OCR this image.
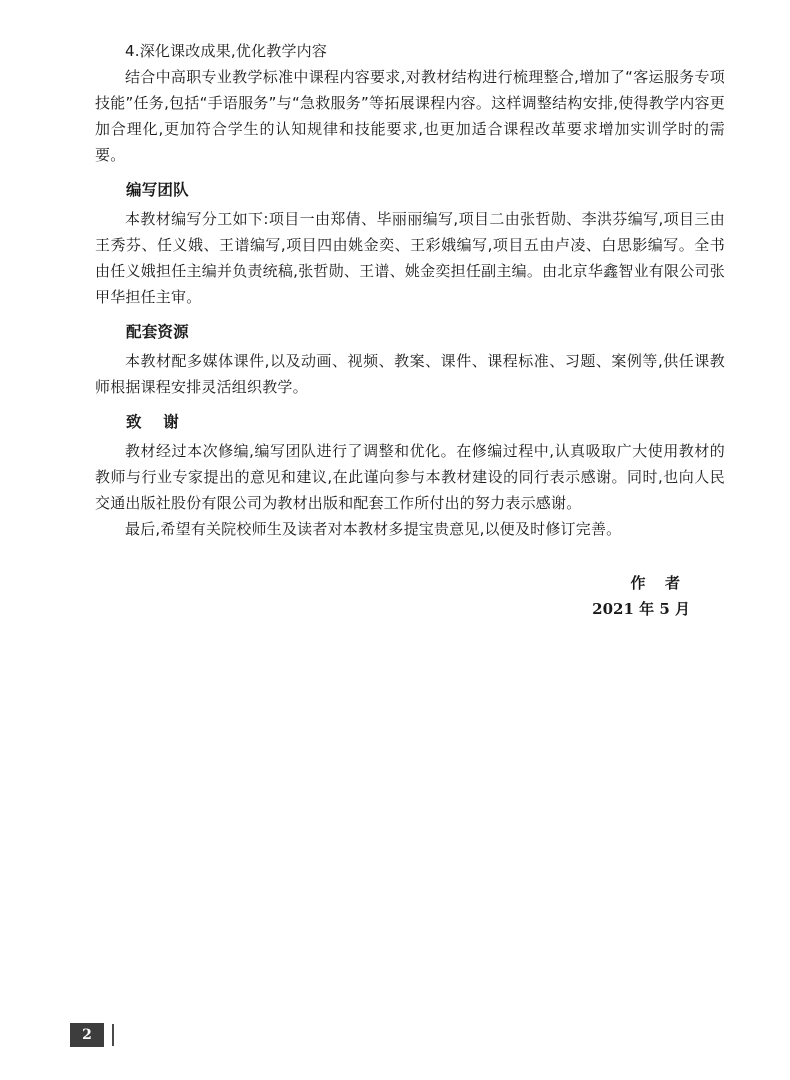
4.深化课改成果,优化教学内容

结合中高职专业教学标准中课程内容要求,对教材结构进行梳理整合,增加了“客运服务专项技能”任务,包括“手语服务”与“急救服务”等拓展课程内容。这样调整结构安排,使得教学内容更加合理化,更加符合学生的认知规律和技能要求,也更加适合课程改革要求增加实训学时的需要。

编写团队

本教材编写分工如下:项目一由郑倩、毕丽丽编写,项目二由张哲勋、李洪芬编写,项目三由王秀芬、任义娥、王谱编写,项目四由姚金奕、王彩娥编写,项目五由卢凌、白思影编写。全书由任义娥担任主编并负责统稿,张哲勋、王谱、姚金奕担任副主编。由北京华鑫智业有限公司张甲华担任主审。

配套资源

本教材配多媒体课件,以及动画、视频、教案、课件、课程标准、习题、案例等,供任课教师根据课程安排灵活组织教学。

致谢

教材经过本次修编,编写团队进行了调整和优化。在修编过程中,认真吸取广大使用教材的教师与行业专家提出的意见和建议,在此谨向参与本教材建设的同行表示感谢。同时,也向人民交通出版社股份有限公司为教材出版和配套工作所付出的努力表示感谢。

最后,希望有关院校师生及读者对本教材多提宝贵意见,以便及时修订完善。

作者
2021 年 5 月
2
